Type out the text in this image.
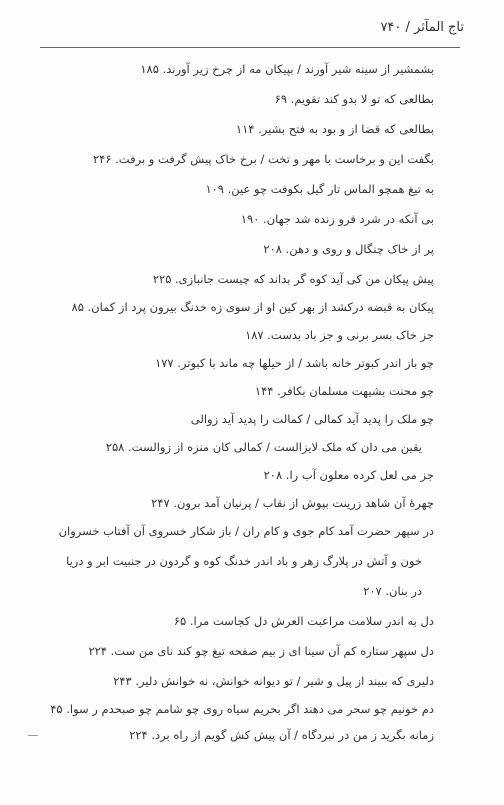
تاج المآثر / ۷۴۰
بشمشیر از سینه شیر آورند / بپیکان مه از چرخ زیر آورند. ۱۸۵
بطالعی که تو لا بدو کند تقویم. ۶۹
بطالعی که قضا از و بود به فتح بشیر. ۱۱۴
بگفت این و برخاست با مهر و تخت / برخ خاک پیش گرفت و برفت. ۲۴۶
به تیغ همچو الماس تار گیل بکوفت چو عین. ۱۰۹
بی آنکه در شرد فرو زنده شد جهان. ۱۹۰
پر از خاک چنگال و روی و دهن. ۲۰۸
پیش پیکان من کی آید کوه گر بداند که چیست جانبازی. ۲۲۵
پیکان به قبضه درکشد از بهر کین او از سوی زه خدنگ بیرون پرد از کمان. ۸۵
جز خاک بسر برنی و جز باد بدست. ۱۸۷
چو باز اندر کبوتر خانه باشد / از حیلها چه ماند با کبوتر. ۱۷۷
چو محنت بشیهت مسلمان بکافر. ۱۴۴
چو ملک را پدید آید کمالی / کمالت را پدید آید زوالی
یقین می دان که ملک لایزالست / کمالی کان منزه از زوالست. ۲۵۸
جز می لعل کرده معلون آب را. ۲۰۸
چهرهٔ آن شاهد زرینت بپوش از نقاب / پرنیان آمد برون. ۲۴۷
در سپهر حضرت آمد کام جوی و کام ران / باز شکار خسروی آن آفتاب خسروان
خون و آتش در پلارگ زهر و باد اندر خدنگ کوه و گردون در جنبیت ابر و دریا
در بنان. ۲۰۷
دل به اندر سلامت مراعبت العرش دل کجاست مرا. ۶۵
دل سپهر ستاره کم آن سینا ای ز بیم صفحه تیغ چو کند نای من ست. ۲۲۴
دلیری که ببیند از پیل و شیر / تو دیوانه خوانش، نه خوانش دلیر. ۲۴۳
دم خونیم چو سحر می دهند اگر بحریم سیاه روی چو شامم چو صبحدم ر سوا. ۴۵
زمانه بگرید ز من در نبردگاه / آن پیش کش گویم از راه برد. ۲۲۴
